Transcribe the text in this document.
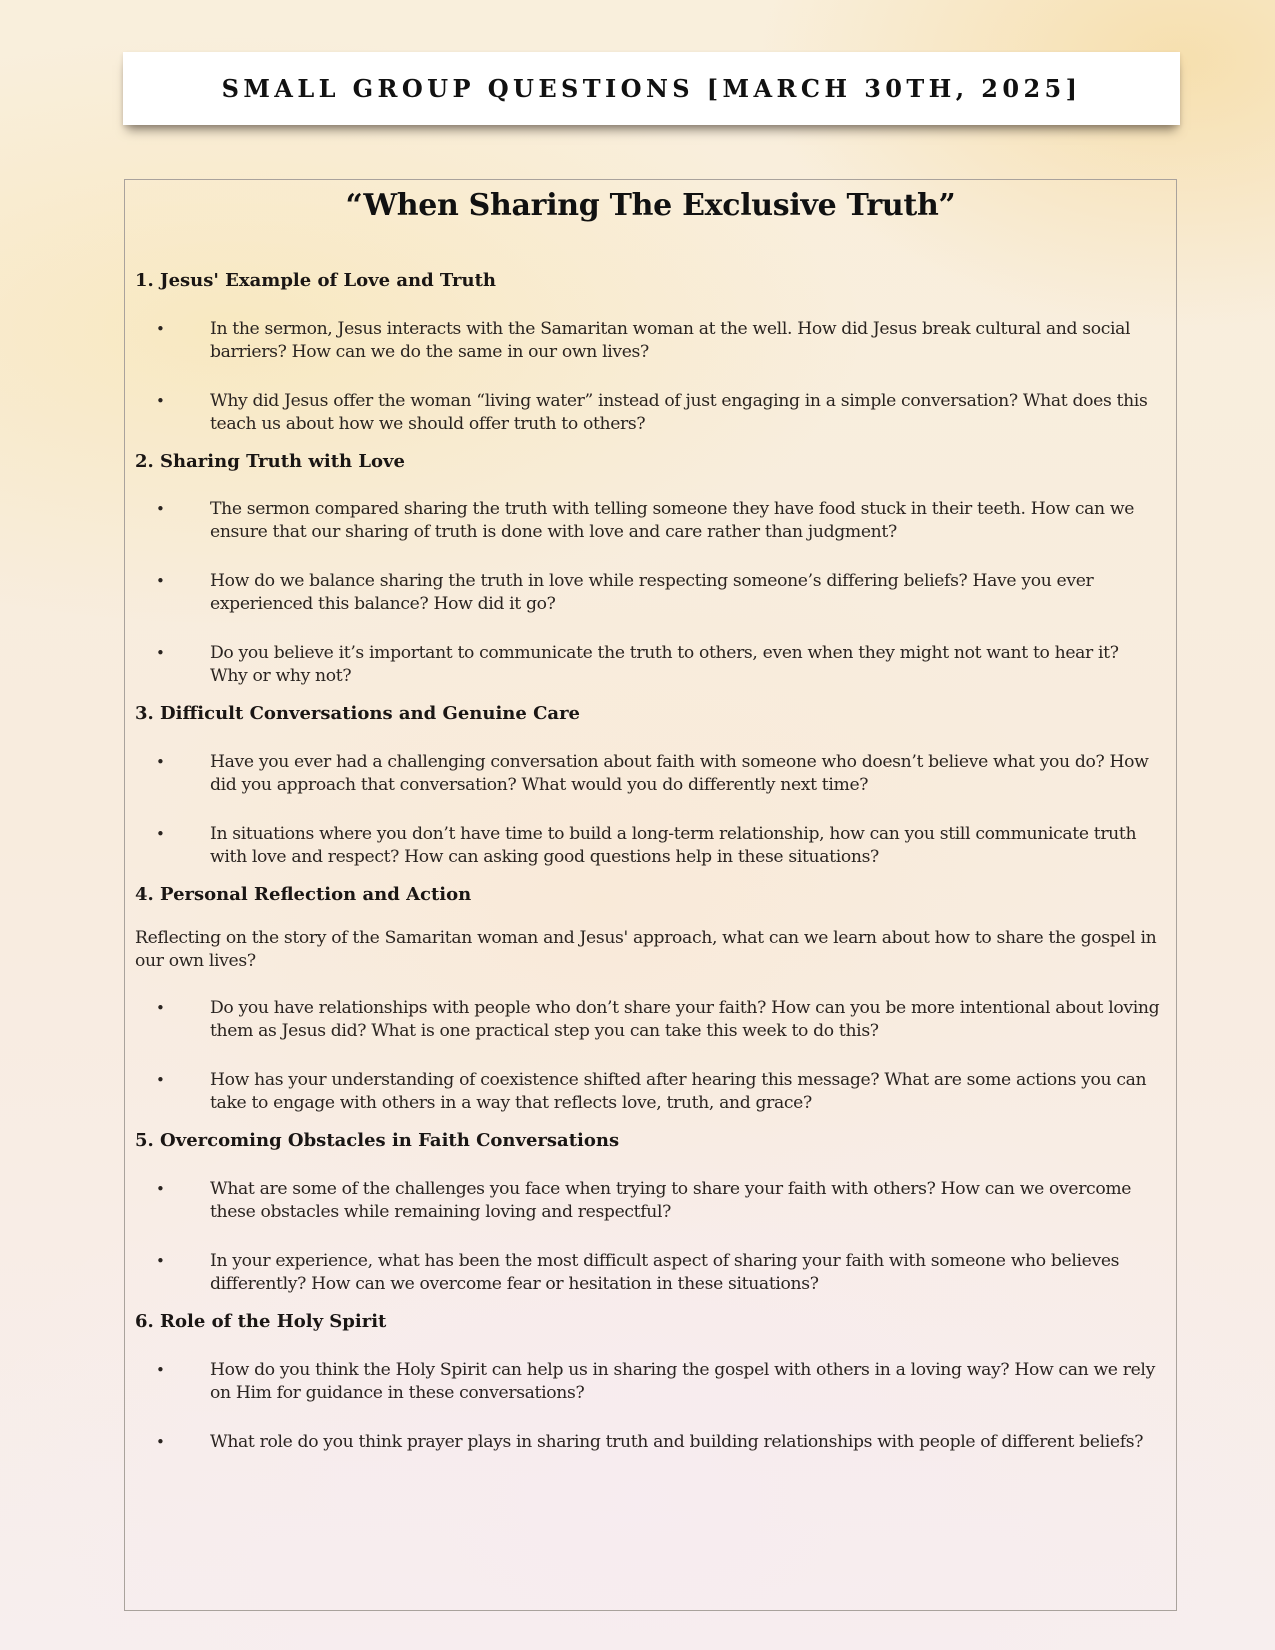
SMALL GROUP QUESTIONS [MARCH 30TH, 2025]
“When Sharing The Exclusive Truth”
1. Jesus' Example of Love and Truth
•	In the sermon, Jesus interacts with the Samaritan woman at the well. How did Jesus break cultural and social barriers? How can we do the same in our own lives?
•	Why did Jesus offer the woman “living water” instead of just engaging in a simple conversation? What does this teach us about how we should offer truth to others?
2. Sharing Truth with Love
•	The sermon compared sharing the truth with telling someone they have food stuck in their teeth. How can we ensure that our sharing of truth is done with love and care rather than judgment?
•	How do we balance sharing the truth in love while respecting someone’s differing beliefs? Have you ever experienced this balance? How did it go?
•	Do you believe it’s important to communicate the truth to others, even when they might not want to hear it? Why or why not?
3. Difficult Conversations and Genuine Care
•	Have you ever had a challenging conversation about faith with someone who doesn’t believe what you do? How did you approach that conversation? What would you do differently next time?
•	In situations where you don’t have time to build a long-term relationship, how can you still communicate truth with love and respect? How can asking good questions help in these situations?
4. Personal Reflection and Action

Reflecting on the story of the Samaritan woman and Jesus' approach, what can we learn about how to share the gospel in our own lives?

•	Do you have relationships with people who don’t share your faith? How can you be more intentional about loving them as Jesus did? What is one practical step you can take this week to do this?
•	How has your understanding of coexistence shifted after hearing this message? What are some actions you can take to engage with others in a way that reflects love, truth, and grace?
5. Overcoming Obstacles in Faith Conversations
•	What are some of the challenges you face when trying to share your faith with others? How can we overcome these obstacles while remaining loving and respectful?
•	In your experience, what has been the most difficult aspect of sharing your faith with someone who believes differently? How can we overcome fear or hesitation in these situations?
6. Role of the Holy Spirit
•	How do you think the Holy Spirit can help us in sharing the gospel with others in a loving way? How can we rely on Him for guidance in these conversations?
•	What role do you think prayer plays in sharing truth and building relationships with people of different beliefs?
